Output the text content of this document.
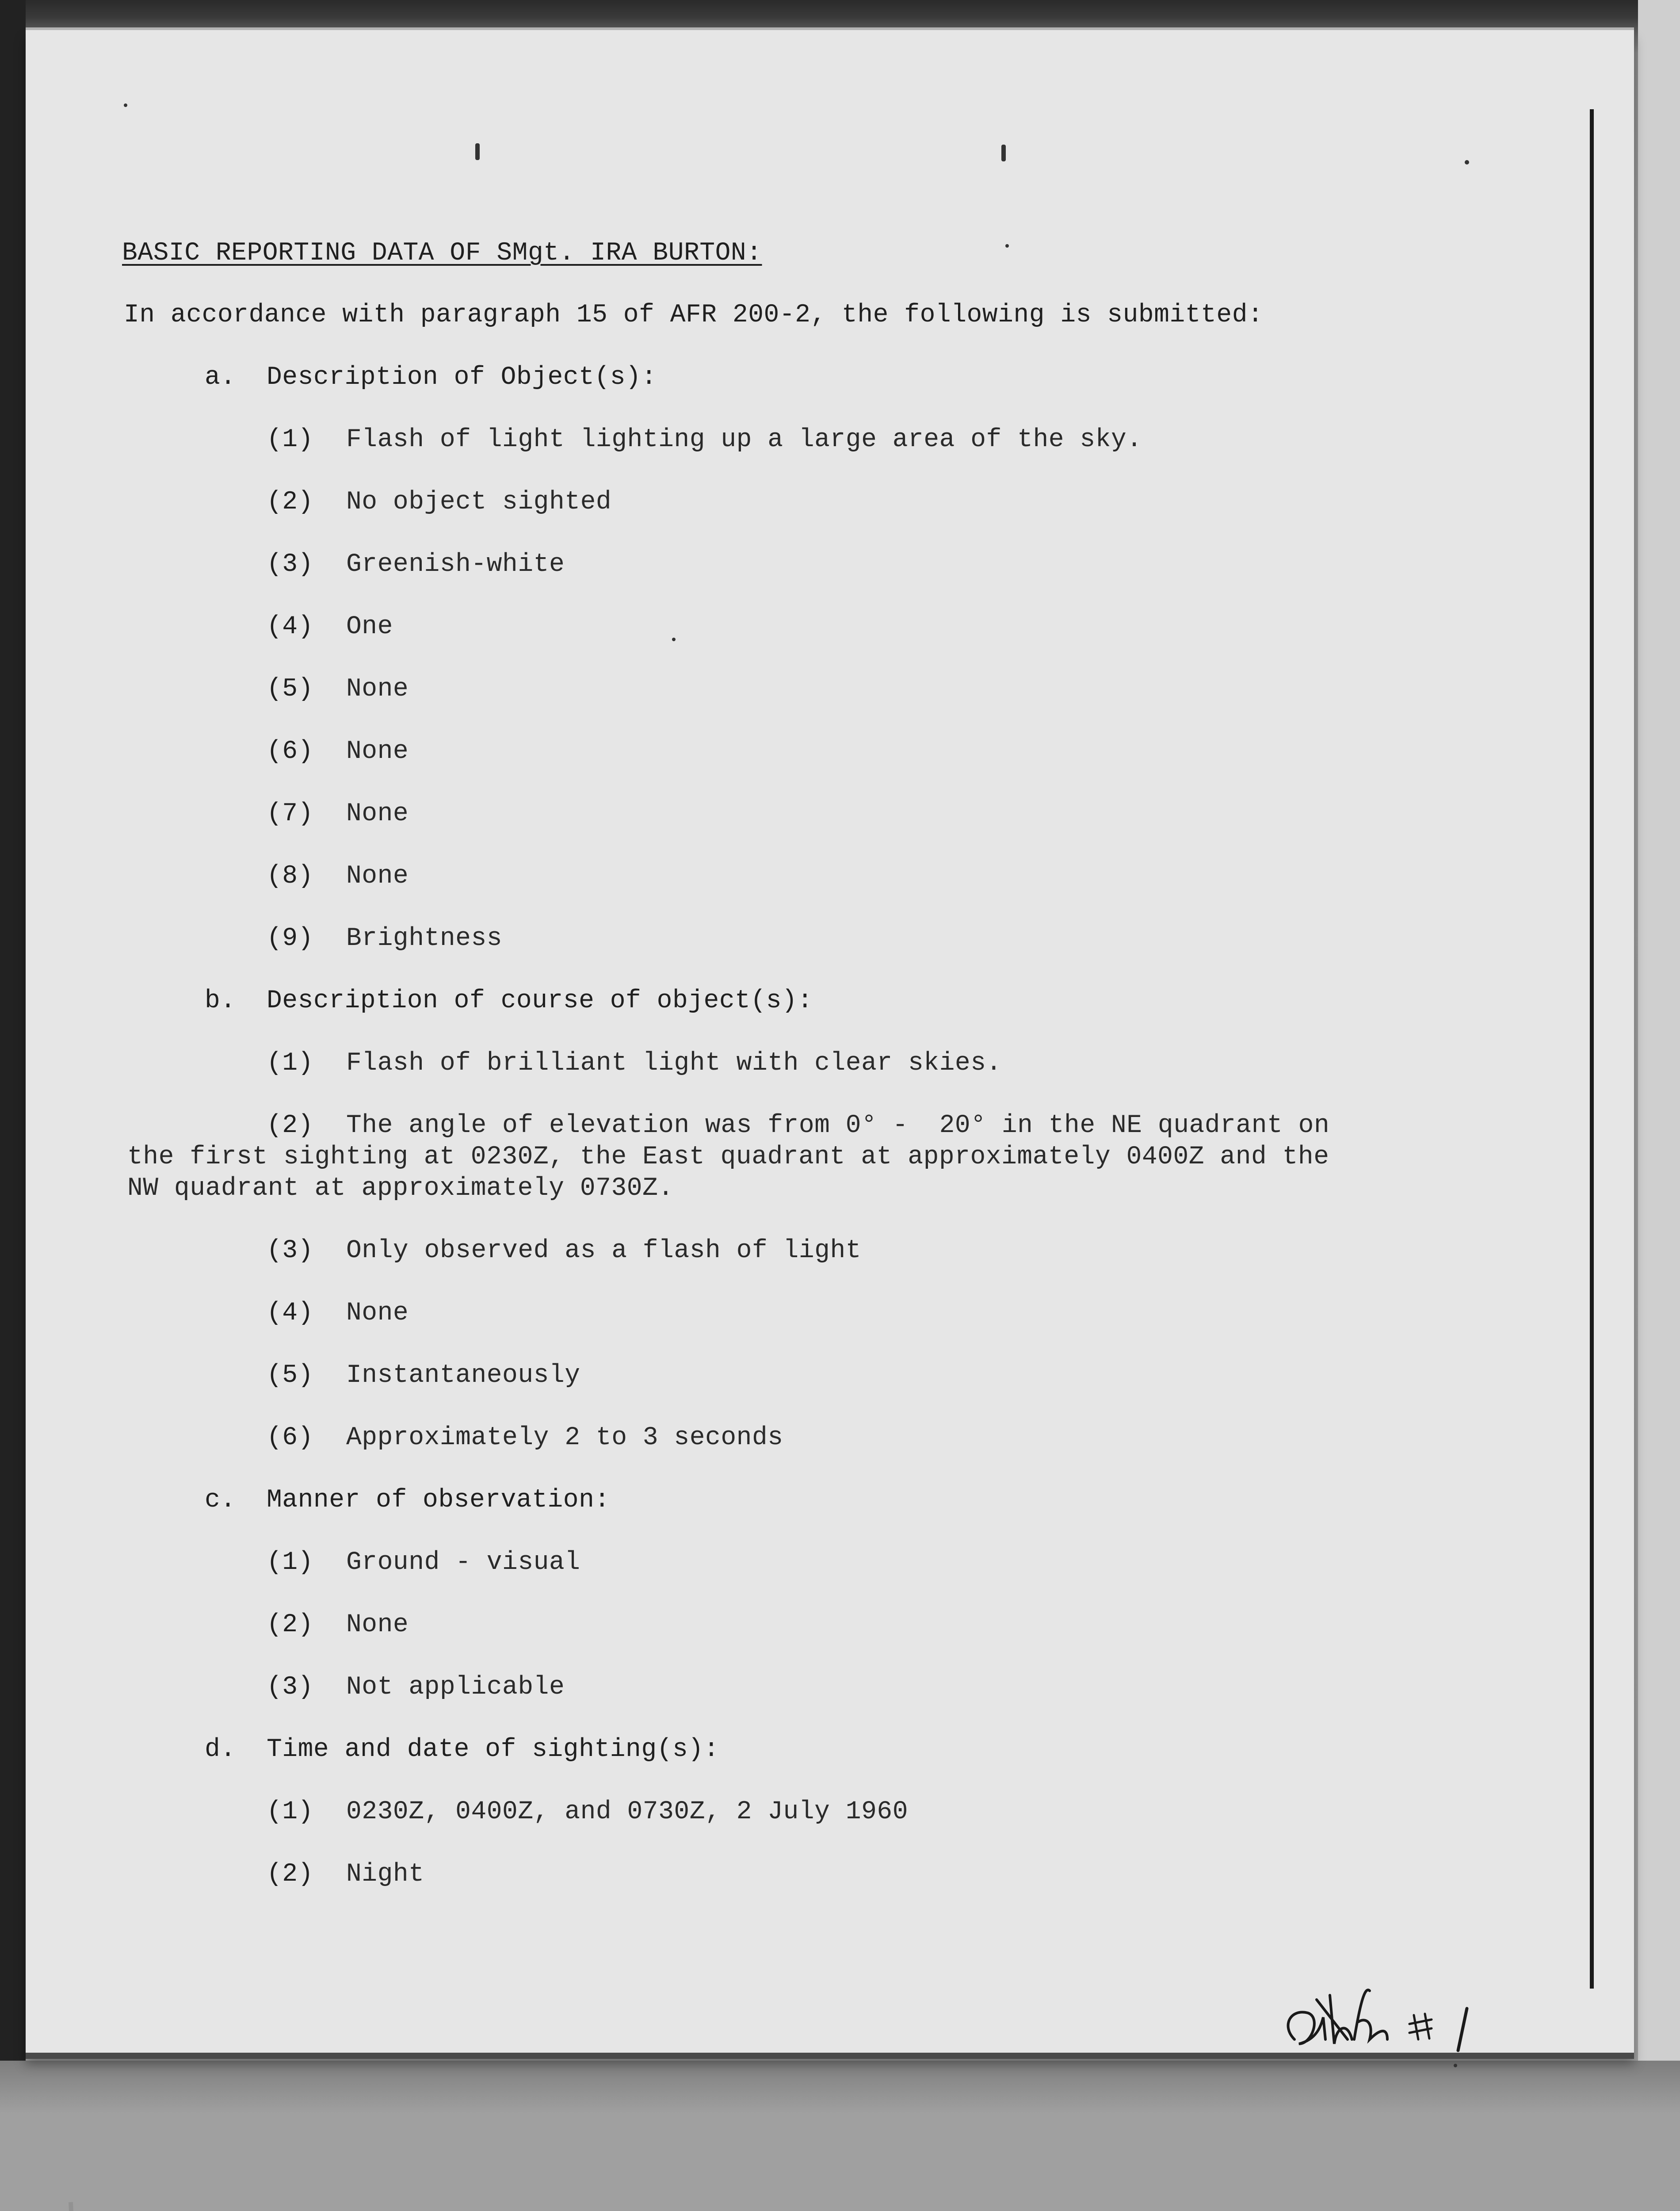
BASIC REPORTING DATA OF SMgt. IRA BURTON:
In accordance with paragraph 15 of AFR 200-2, the following is submitted:
a. Description of Object(s):
(1) Flash of light lighting up a large area of the sky.
(2) No object sighted
(3) Greenish-white
(4) One
(5) None
(6) None
(7) None
(8) None
(9) Brightness
b. Description of course of object(s):
(1) Flash of brilliant light with clear skies.
(2) The angle of elevation was from 0° -  20° in the NE quadrant on
the first sighting at 0230Z, the East quadrant at approximately 0400Z and the
NW quadrant at approximately 0730Z.
(3) Only observed as a flash of light
(4) None
(5) Instantaneously
(6) Approximately 2 to 3 seconds
c. Manner of observation:
(1) Ground - visual
(2) None
(3) Not applicable
d. Time and date of sighting(s):
(1) 0230Z, 0400Z, and 0730Z, 2 July 1960
(2) Night
